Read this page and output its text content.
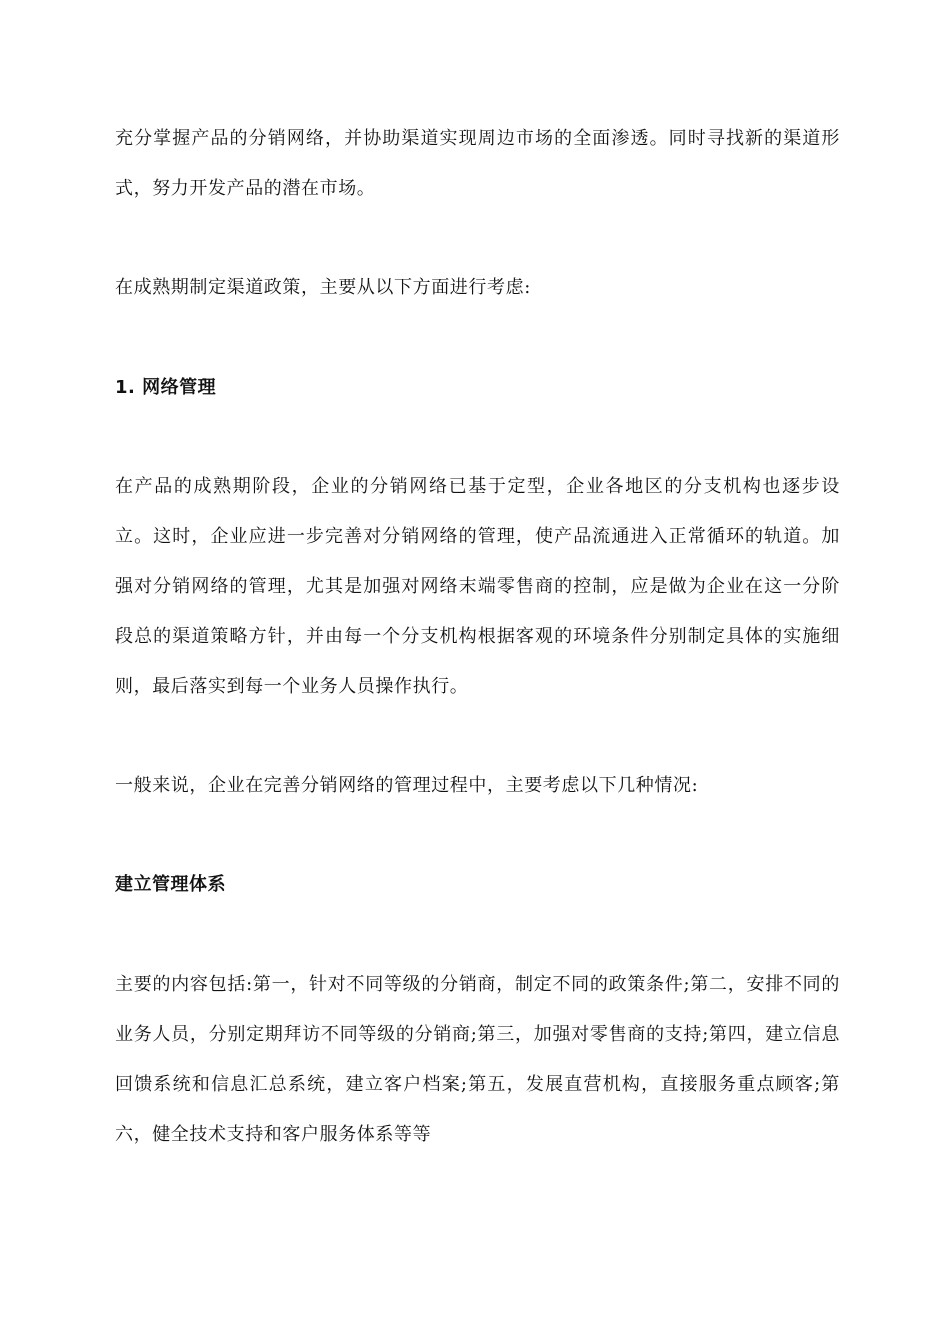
充分掌握产品的分销网络，并协助渠道实现周边市场的全面渗透。同时寻找新的渠道形式，努力开发产品的潜在市场。

在成熟期制定渠道政策，主要从以下方面进行考虑:

1. 网络管理

在产品的成熟期阶段，企业的分销网络已基于定型，企业各地区的分支机构也逐步设立。这时，企业应进一步完善对分销网络的管理，使产品流通进入正常循环的轨道。加强对分销网络的管理，尤其是加强对网络末端零售商的控制，应是做为企业在这一分阶段总的渠道策略方针，并由每一个分支机构根据客观的环境条件分别制定具体的实施细则，最后落实到每一个业务人员操作执行。

一般来说，企业在完善分销网络的管理过程中，主要考虑以下几种情况:

建立管理体系

主要的内容包括:第一，针对不同等级的分销商，制定不同的政策条件;第二，安排不同的业务人员，分别定期拜访不同等级的分销商;第三，加强对零售商的支持;第四，建立信息回馈系统和信息汇总系统，建立客户档案;第五，发展直营机构，直接服务重点顾客;第六，健全技术支持和客户服务体系等等
